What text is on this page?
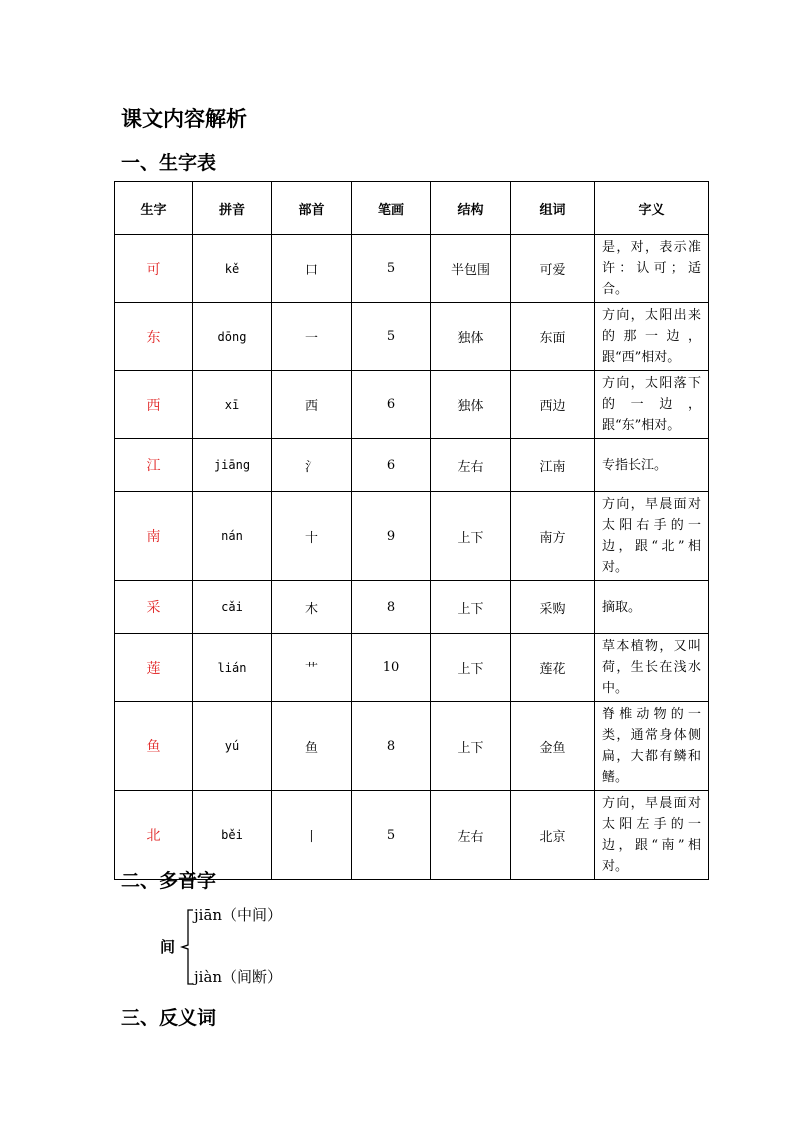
课文内容解析
一、生字表
生字	拼音	部首	笔画	结构	组词	字义
可	kě	口	5	半包围	可爱	是，对，表示准许：认可；适合。
东	dōng	一	5	独体	东面	方向，太阳出来的那一边，跟“西”相对。
西	xī	西	6	独体	西边	方向，太阳落下的一边，跟“东”相对。
江	jiāng	氵	6	左右	江南	专指长江。
南	nán	十	9	上下	南方	方向，早晨面对太阳右手的一边，跟“北”相对。
采	cǎi	木	8	上下	采购	摘取。
莲	lián	艹	10	上下	莲花	草本植物，又叫荷，生长在浅水中。
鱼	yú	鱼	8	上下	金鱼	脊椎动物的一类，通常身体侧扁，大都有鳞和鳍。
北	běi	丨	5	左右	北京	方向，早晨面对太阳左手的一边，跟“南”相对。
二、多音字
间
jiān（中间）
jiàn（间断）
三、反义词
